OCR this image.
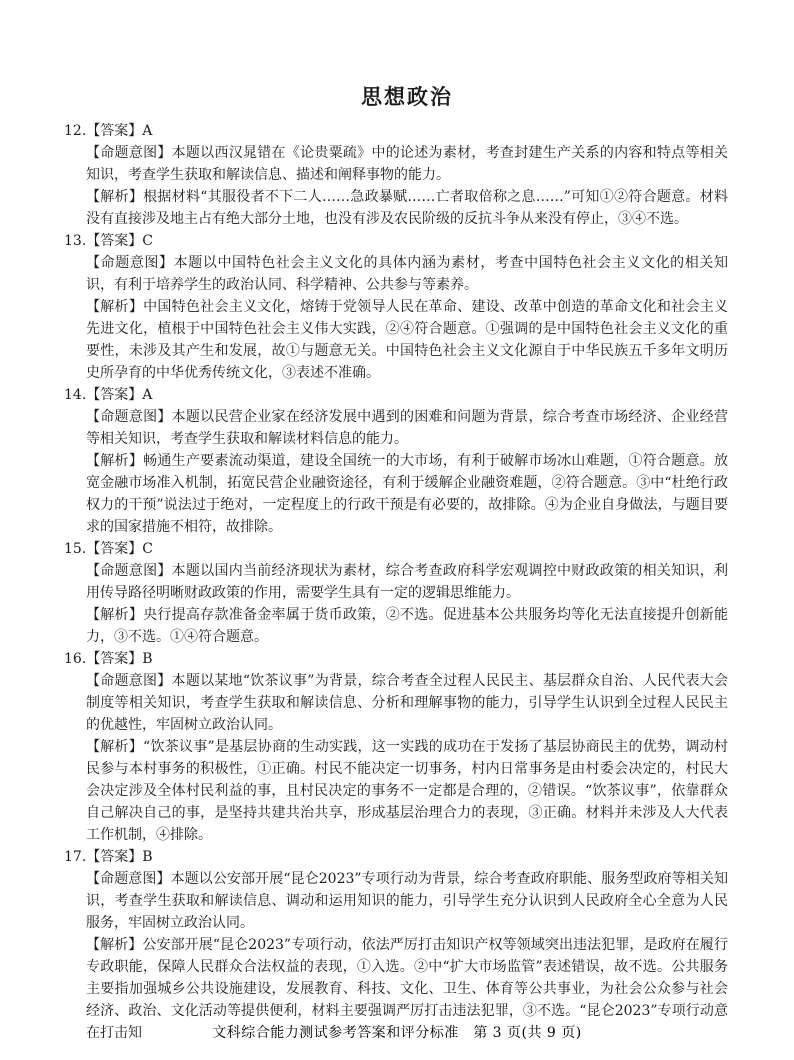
思想政治

12.【答案】A

【命题意图】本题以西汉晁错在《论贵粟疏》中的论述为素材，考查封建生产关系的内容和特点等相关知识，考查学生获取和解读信息、描述和阐释事物的能力。

【解析】根据材料“其服役者不下二人……急政暴赋……亡者取倍称之息……”可知①②符合题意。材料没有直接涉及地主占有绝大部分土地，也没有涉及农民阶级的反抗斗争从来没有停止，③④不选。

13.【答案】C

【命题意图】本题以中国特色社会主义文化的具体内涵为素材，考查中国特色社会主义文化的相关知识，有利于培养学生的政治认同、科学精神、公共参与等素养。

【解析】中国特色社会主义文化，熔铸于党领导人民在革命、建设、改革中创造的革命文化和社会主义先进文化，植根于中国特色社会主义伟大实践，②④符合题意。①强调的是中国特色社会主义文化的重要性，未涉及其产生和发展，故①与题意无关。中国特色社会主义文化源自于中华民族五千多年文明历史所孕育的中华优秀传统文化，③表述不准确。

14.【答案】A

【命题意图】本题以民营企业家在经济发展中遇到的困难和问题为背景，综合考查市场经济、企业经营等相关知识，考查学生获取和解读材料信息的能力。

【解析】畅通生产要素流动渠道，建设全国统一的大市场，有利于破解市场冰山难题，①符合题意。放宽金融市场准入机制，拓宽民营企业融资途径，有利于缓解企业融资难题，②符合题意。③中“杜绝行政权力的干预”说法过于绝对，一定程度上的行政干预是有必要的，故排除。④为企业自身做法，与题目要求的国家措施不相符，故排除。

15.【答案】C

【命题意图】本题以国内当前经济现状为素材，综合考查政府科学宏观调控中财政政策的相关知识，利用传导路径明晰财政政策的作用，需要学生具有一定的逻辑思维能力。

【解析】央行提高存款准备金率属于货币政策，②不选。促进基本公共服务均等化无法直接提升创新能力，③不选。①④符合题意。

16.【答案】B

【命题意图】本题以某地“饮茶议事”为背景，综合考查全过程人民民主、基层群众自治、人民代表大会制度等相关知识，考查学生获取和解读信息、分析和理解事物的能力，引导学生认识到全过程人民民主的优越性，牢固树立政治认同。

【解析】“饮茶议事”是基层协商的生动实践，这一实践的成功在于发扬了基层协商民主的优势，调动村民参与本村事务的积极性，①正确。村民不能决定一切事务，村内日常事务是由村委会决定的，村民大会决定涉及全体村民利益的事，且村民决定的事务不一定都是合理的，②错误。“饮茶议事”，依靠群众自己解决自己的事，是坚持共建共治共享，形成基层治理合力的表现，③正确。材料并未涉及人大代表工作机制，④排除。

17.【答案】B

【命题意图】本题以公安部开展“昆仑2023”专项行动为背景，综合考查政府职能、服务型政府等相关知识，考查学生获取和解读信息、调动和运用知识的能力，引导学生充分认识到人民政府全心全意为人民服务，牢固树立政治认同。

【解析】公安部开展“昆仑2023”专项行动，依法严厉打击知识产权等领域突出违法犯罪，是政府在履行专政职能，保障人民群众合法权益的表现，①入选。②中“扩大市场监管”表述错误，故不选。公共服务主要指加强城乡公共设施建设，发展教育、科技、文化、卫生、体育等公共事业，为社会公众参与社会经济、政治、文化活动等提供便利，材料主要强调严厉打击违法犯罪，③不选。“昆仑2023”专项行动意在打击知	文科综合能力测试参考答案和评分标准　第 3 页(共 9 页)
